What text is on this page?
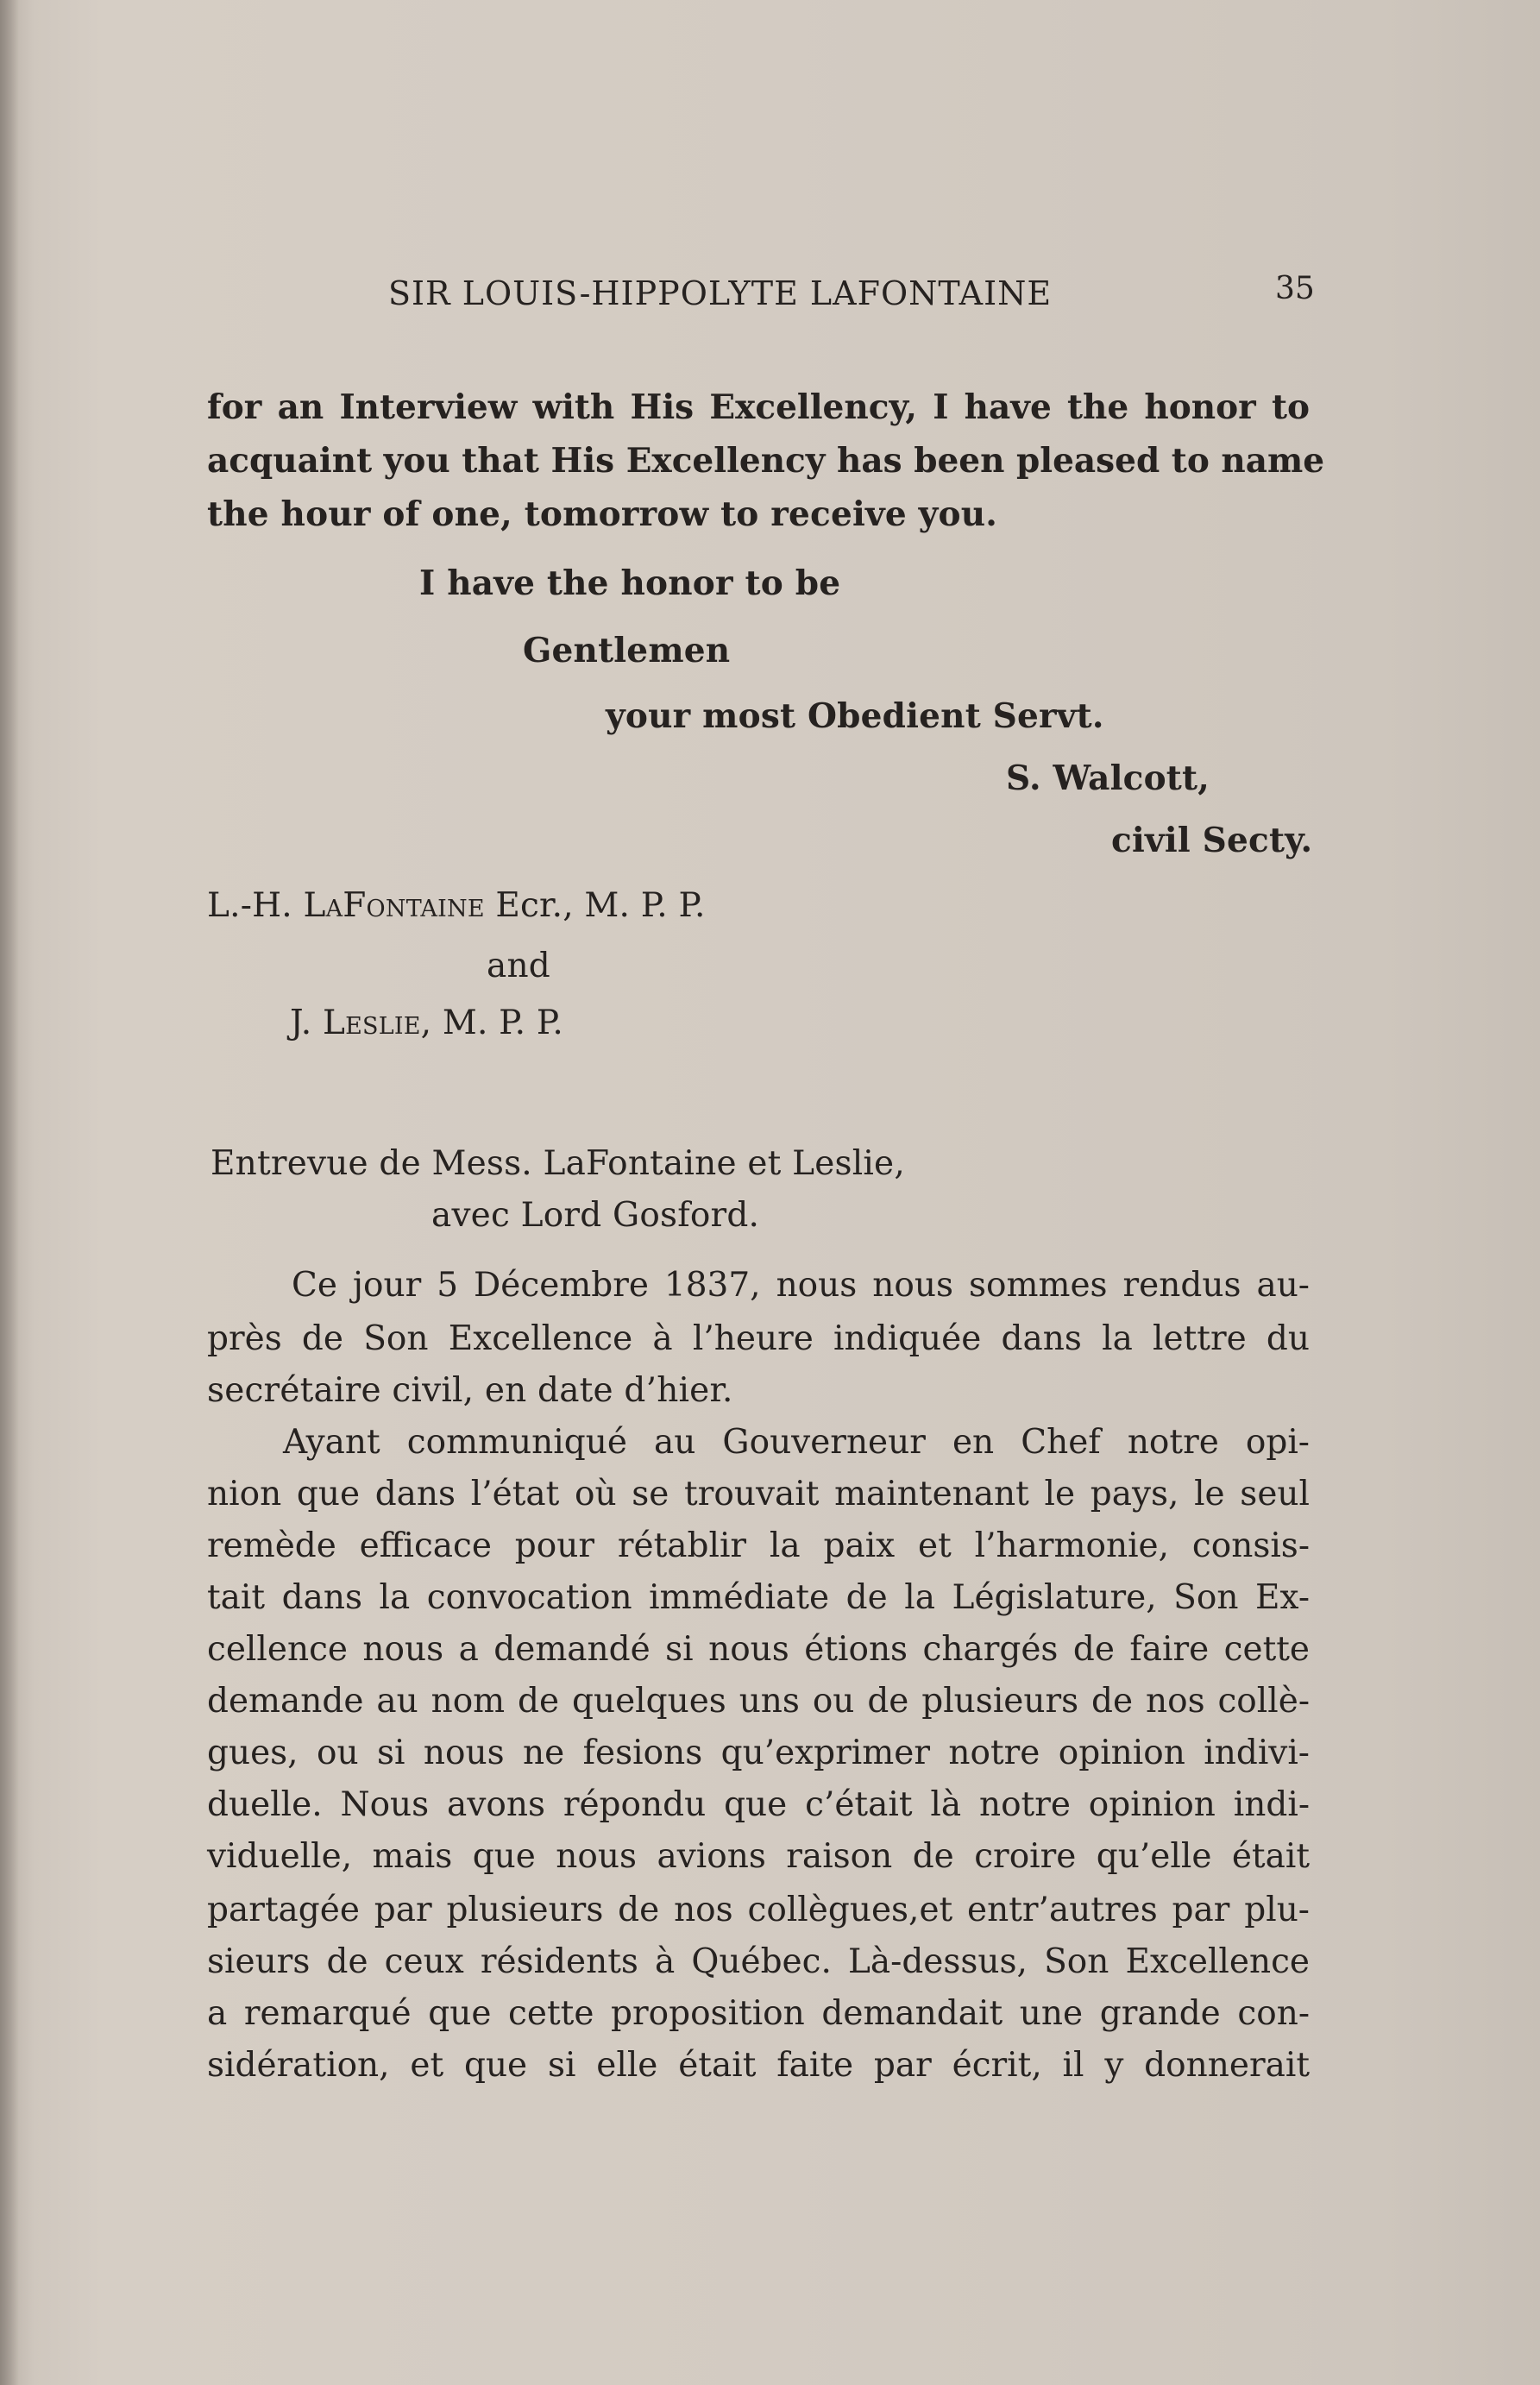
SIR LOUIS-HIPPOLYTE LAFONTAINE	35
for an Interview with His Excellency, I have the honor to
acquaint you that His Excellency has been pleased to name
the hour of one, tomorrow to receive you.
I have the honor to be
Gentlemen
your most Obedient Servt.
S. Walcott,
civil Secty.
L.-H. LaFontaine Ecr., M. P. P.
and
J. Leslie, M. P. P.
Entrevue de Mess. LaFontaine et Leslie,
avec Lord Gosford.
Ce jour 5 Décembre 1837, nous nous sommes rendus au-
près de Son Excellence à l’heure indiquée dans la lettre du
secrétaire civil, en date d’hier.
Ayant communiqué au Gouverneur en Chef notre opi-
nion que dans l’état où se trouvait maintenant le pays, le seul
remède efficace pour rétablir la paix et l’harmonie, consis-
tait dans la convocation immédiate de la Législature, Son Ex-
cellence nous a demandé si nous étions chargés de faire cette
demande au nom de quelques uns ou de plusieurs de nos collè-
gues, ou si nous ne fesions qu’exprimer notre opinion indivi-
duelle. Nous avons répondu que c’était là notre opinion indi-
viduelle, mais que nous avions raison de croire qu’elle était
partagée par plusieurs de nos collègues,et entr’autres par plu-
sieurs de ceux résidents à Québec. Là-dessus, Son Excellence
a remarqué que cette proposition demandait une grande con-
sidération, et que si elle était faite par écrit, il y donnerait
